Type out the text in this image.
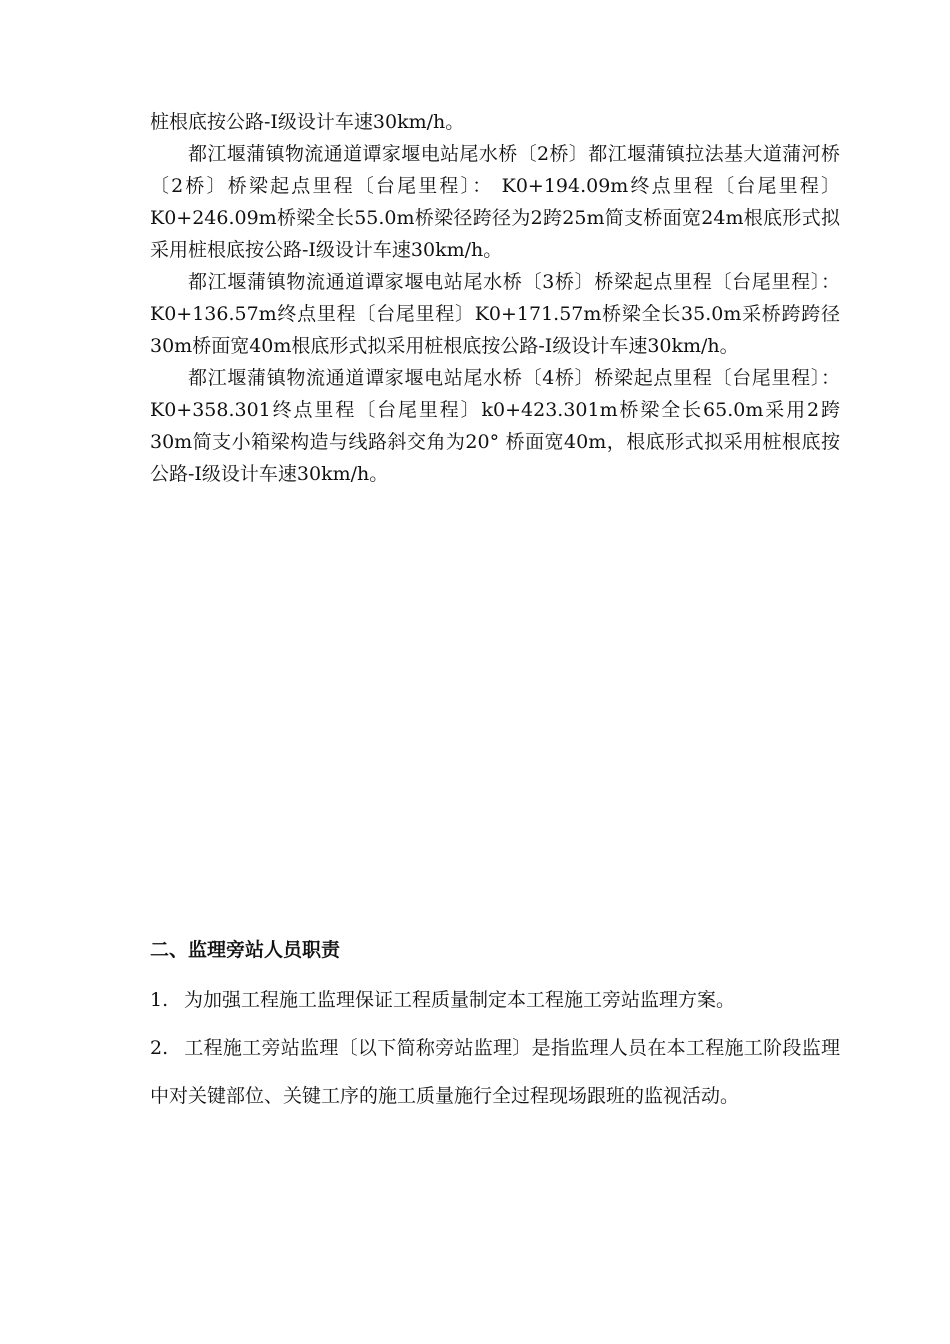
桩根底按公路-I级设计车速30km/h。

都江堰蒲镇物流通道谭家堰电站尾水桥〔2桥〕都江堰蒲镇拉法基大道蒲河桥〔2桥〕桥梁起点里程〔台尾里程〕： K0+194.09m终点里程〔台尾里程〕K0+246.09m桥梁全长55.0m桥梁径跨径为2跨25m简支桥面宽24m根底形式拟采用桩根底按公路-I级设计车速30km/h。

都江堰蒲镇物流通道谭家堰电站尾水桥〔3桥〕桥梁起点里程〔台尾里程〕：K0+136.57m终点里程〔台尾里程〕K0+171.57m桥梁全长35.0m采桥跨跨径30m桥面宽40m根底形式拟采用桩根底按公路-I级设计车速30km/h。

都江堰蒲镇物流通道谭家堰电站尾水桥〔4桥〕桥梁起点里程〔台尾里程〕：K0+358.301终点里程〔台尾里程〕k0+423.301m桥梁全长65.0m采用2跨30m简支小箱梁构造与线路斜交角为20° 桥面宽40m，根底形式拟采用桩根底按公路-I级设计车速30km/h。

二、监理旁站人员职责

1. 为加强工程施工监理保证工程质量制定本工程施工旁站监理方案。

2. 工程施工旁站监理〔以下简称旁站监理〕是指监理人员在本工程施工阶段监理中对关键部位、关键工序的施工质量施行全过程现场跟班的监视活动。
